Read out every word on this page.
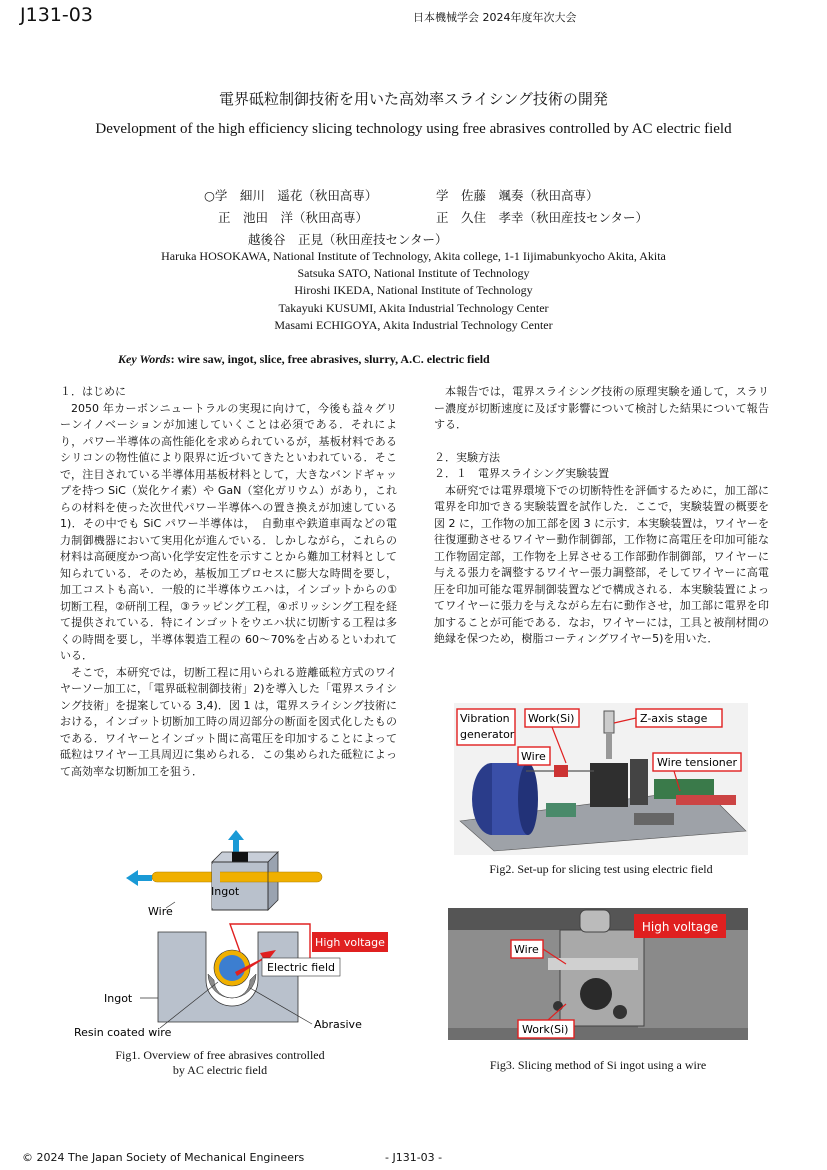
J131-03	日本機械学会 2024年度年次大会
電界砥粒制御技術を用いた高効率スライシング技術の開発
Development of the high efficiency slicing technology using free abrasives controlled by AC electric field
○学　細川　遥花（秋田高専）	学　佐藤　颯奏（秋田高専）
正　池田　洋（秋田高専）	正　久住　孝幸（秋田産技センター）
越後谷　正見（秋田産技センター）
Haruka HOSOKAWA, National Institute of Technology, Akita college, 1-1 Iijimabunkyocho Akita, Akita
Satsuka SATO, National Institute of Technology
Hiroshi IKEDA, National Institute of Technology
Takayuki KUSUMI, Akita Industrial Technology Center
Masami ECHIGOYA, Akita Industrial Technology Center
Key Words: wire saw, ingot, slice, free abrasives, slurry, A.C. electric field
１．はじめに

2050 年カーボンニュートラルの実現に向けて，今後も益々グリーンイノベーションが加速していくことは必須である．それにより，パワー半導体の高性能化を求められているが，基板材料であるシリコンの物性値により限界に近づいてきたといわれている．そこで，注目されている半導体用基板材料として，大きなバンドギャップを持つ SiC（炭化ケイ素）や GaN（窒化ガリウム）があり，これらの材料を使った次世代パワー半導体への置き換えが加速している 1)．その中でも SiC パワー半導体は，　自動車や鉄道車両などの電力制御機器において実用化が進んでいる．しかしながら，これらの材料は高硬度かつ高い化学安定性を示すことから難加工材料として知られている．そのため，基板加工プロセスに膨大な時間を要し，加工コストも高い．一般的に半導体ウエハは，インゴットからの①切断工程，②研削工程，③ラッピング工程，④ポリッシング工程を経て提供されている．特にインゴットをウエハ状に切断する工程は多くの時間を要し，半導体製造工程の 60〜70%を占めるといわれている．

そこで，本研究では，切断工程に用いられる遊離砥粒方式のワイヤーソー加工に，「電界砥粒制御技術」2)を導入した「電界スライシング技術」を提案している 3,4)．図 1 は，電界スライシング技術における，インゴット切断加工時の周辺部分の断面を図式化したものである．ワイヤーとインゴット間に高電圧を印加することによって砥粒はワイヤー工具周辺に集められる．この集められた砥粒によって高効率な切断加工を狙う．

本報告では，電界スライシング技術の原理実験を通して，スラリー濃度が切断速度に及ぼす影響について検討した結果について報告する．

２．実験方法
２．１　電界スライシング実験装置

本研究では電界環境下での切断特性を評価するために，加工部に電界を印加できる実験装置を試作した．ここで，実験装置の概要を図 2 に，工作物の加工部を図 3 に示す．本実験装置は，ワイヤーを往復運動させるワイヤー動作制御部，工作物に高電圧を印加可能な工作物固定部，工作物を上昇させる工作部動作制御部，ワイヤーに与える張力を調整するワイヤー張力調整部，そしてワイヤーに高電圧を印加可能な電界制御装置などで構成される．本実験装置によってワイヤーに張力を与えながら左右に動作させ，加工部に電界を印加することが可能である．なお，ワイヤーには，工具と被削材間の絶縁を保つため，樹脂コーティングワイヤー5)を用いた．

Ingot
Wire
High voltage
Electric field
Ingot
Resin coated wire
Abrasive
Fig1. Overview of free abrasives controlled
by AC electric field
Vibration
generator
Work(Si)	Z-axis stage
Wire	Wire tensioner
Fig2. Set-up for slicing test using electric field
High voltage
Wire
Work(Si)
Fig3. Slicing method of Si ingot using a wire
© 2024 The Japan Society of Mechanical Engineers	- J131-03 -
